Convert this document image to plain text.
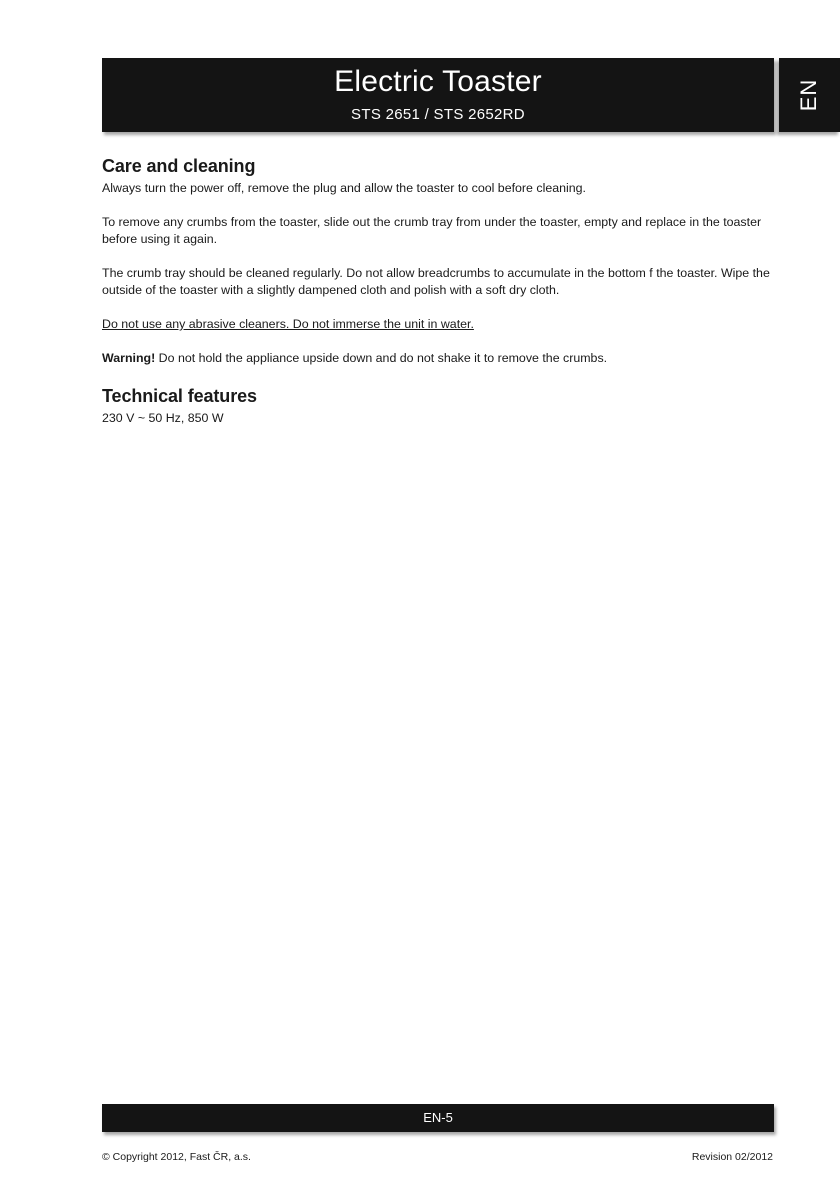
Electric Toaster
STS 2651 / STS 2652RD
EN
Care and cleaning

Always turn the power off, remove the plug and allow the toaster to cool before cleaning.

To remove any crumbs from the toaster, slide out the crumb tray from under the toaster, empty and replace in the toaster before using it again.

The crumb tray should be cleaned regularly. Do not allow breadcrumbs to accumulate in the bottom f the toaster. Wipe the outside of the toaster with a slightly dampened cloth and polish with a soft dry cloth.

Do not use any abrasive cleaners. Do not immerse the unit in water.

Warning! Do not hold the appliance upside down and do not shake it to remove the crumbs.

Technical features

230 V ~ 50 Hz, 850 W

EN-5
© Copyright 2012, Fast ČR, a.s.	Revision 02/2012
